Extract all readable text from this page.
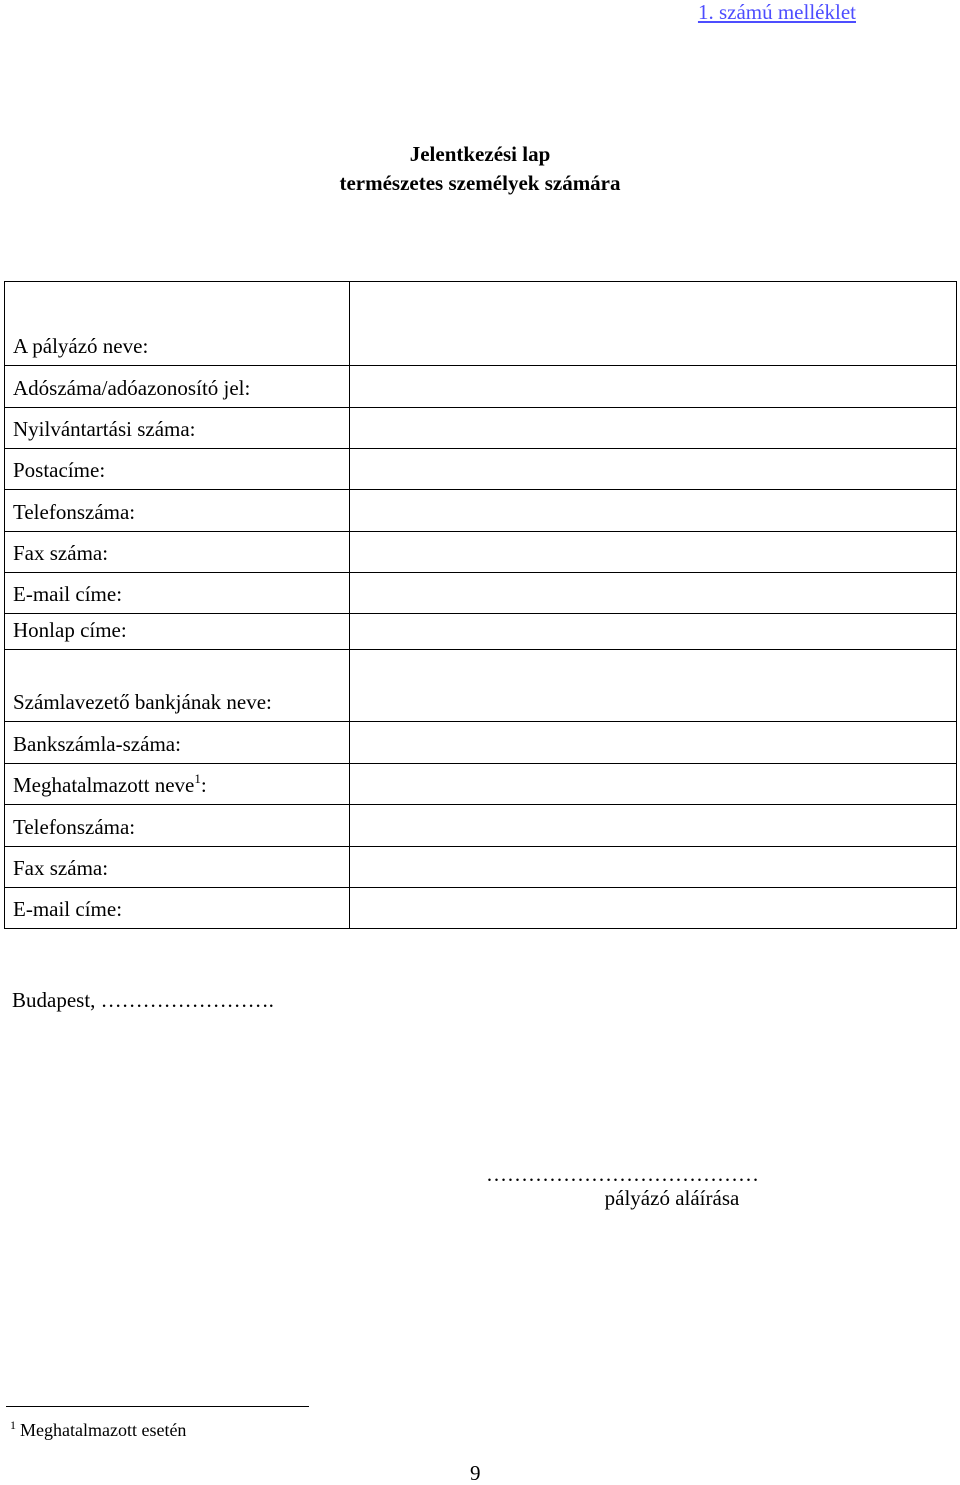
1. számú melléklet
Jelentkezési lap
természetes személyek számára
A pályázó neve:	
Adószáma/adóazonosító jel:	
Nyilvántartási száma:	
Postacíme:	
Telefonszáma:	
Fax száma:	
E-mail címe:	
Honlap címe:	
Számlavezető bankjának neve:	
Bankszámla-száma:	
Meghatalmazott neve$^1$:	
Telefonszáma:	
Fax száma:	
E-mail címe:	
Budapest, …………………….
…………………………………
pályázó aláírása
$^1$ Meghatalmazott esetén
9
